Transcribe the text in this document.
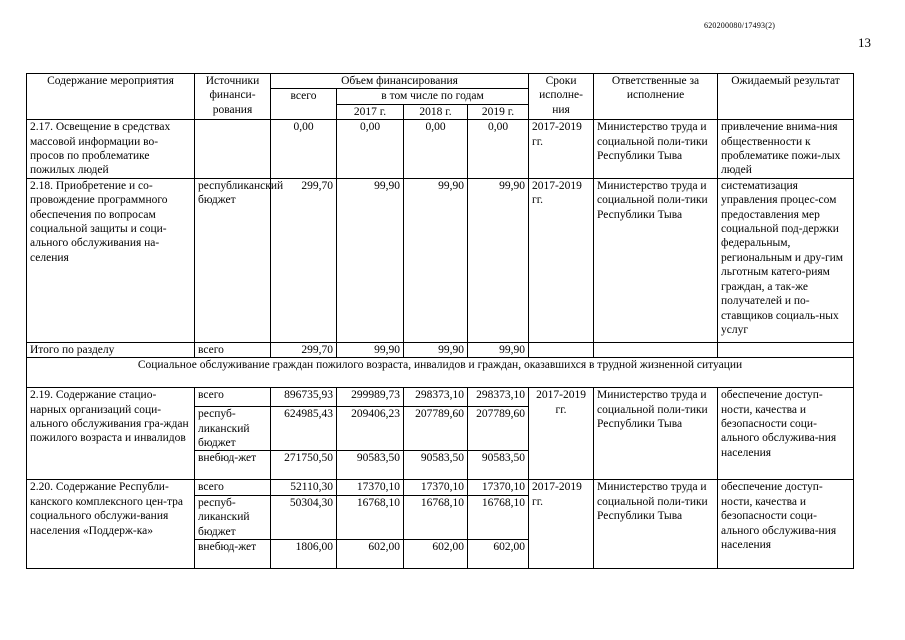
620200080/17493(2)
13
Содержание мероприятия	Источники финанси-рования	Объем финансирования				Сроки исполне-ния	Ответственные за исполнение	Ожидаемый результат
		всего	в том числе по годам					
			2017 г.	2018 г.	2019 г.			
2.17. Освещение в средствах массовой информации во-просов по проблематике пожилых людей		0,00	0,00	0,00	0,00	2017-2019 гг.	Министерство труда и социальной поли-тики Республики Тыва	привлечение внима-ния общественности к проблематике пожи-лых людей
2.18. Приобретение и со-провождение программного обеспечения по вопросам социальной защиты и соци-ального обслуживания на-селения	республиканский бюджет	299,70	99,90	99,90	99,90	2017-2019 гг.	Министерство труда и социальной поли-тики Республики Тыва	систематизация управления процес-сом предоставления мер социальной под-держки федеральным, региональным и дру-гим льготным катего-риям граждан, а так-же получателей и по-ставщиков социаль-ных услуг
Итого по разделу	всего	299,70	99,90	99,90	99,90			
Социальное обслуживание граждан пожилого возраста, инвалидов и граждан, оказавшихся в трудной жизненной ситуации								
2.19. Содержание стацио-нарных организаций соци-ального обслуживания гра-ждан пожилого возраста и инвалидов	всего	896735,93	299989,73	298373,10	298373,10	2017-2019 гг.	Министерство труда и социальной поли-тики Республики Тыва	обеспечение доступ-ности, качества и безопасности соци-ального обслужива-ния населения
	респуб-ликанский бюджет	624985,43	209406,23	207789,60	207789,60			
	внебюд-жет	271750,50	90583,50	90583,50	90583,50			
2.20. Содержание Республи-канского комплексного цен-тра социального обслужи-вания населения «Поддерж-ка»	всего	52110,30	17370,10	17370,10	17370,10	2017-2019 гг.	Министерство труда и социальной поли-тики Республики Тыва	обеспечение доступ-ности, качества и безопасности соци-ального обслужива-ния населения
	респуб-ликанский бюджет	50304,30	16768,10	16768,10	16768,10			
	внебюд-жет	1806,00	602,00	602,00	602,00			
